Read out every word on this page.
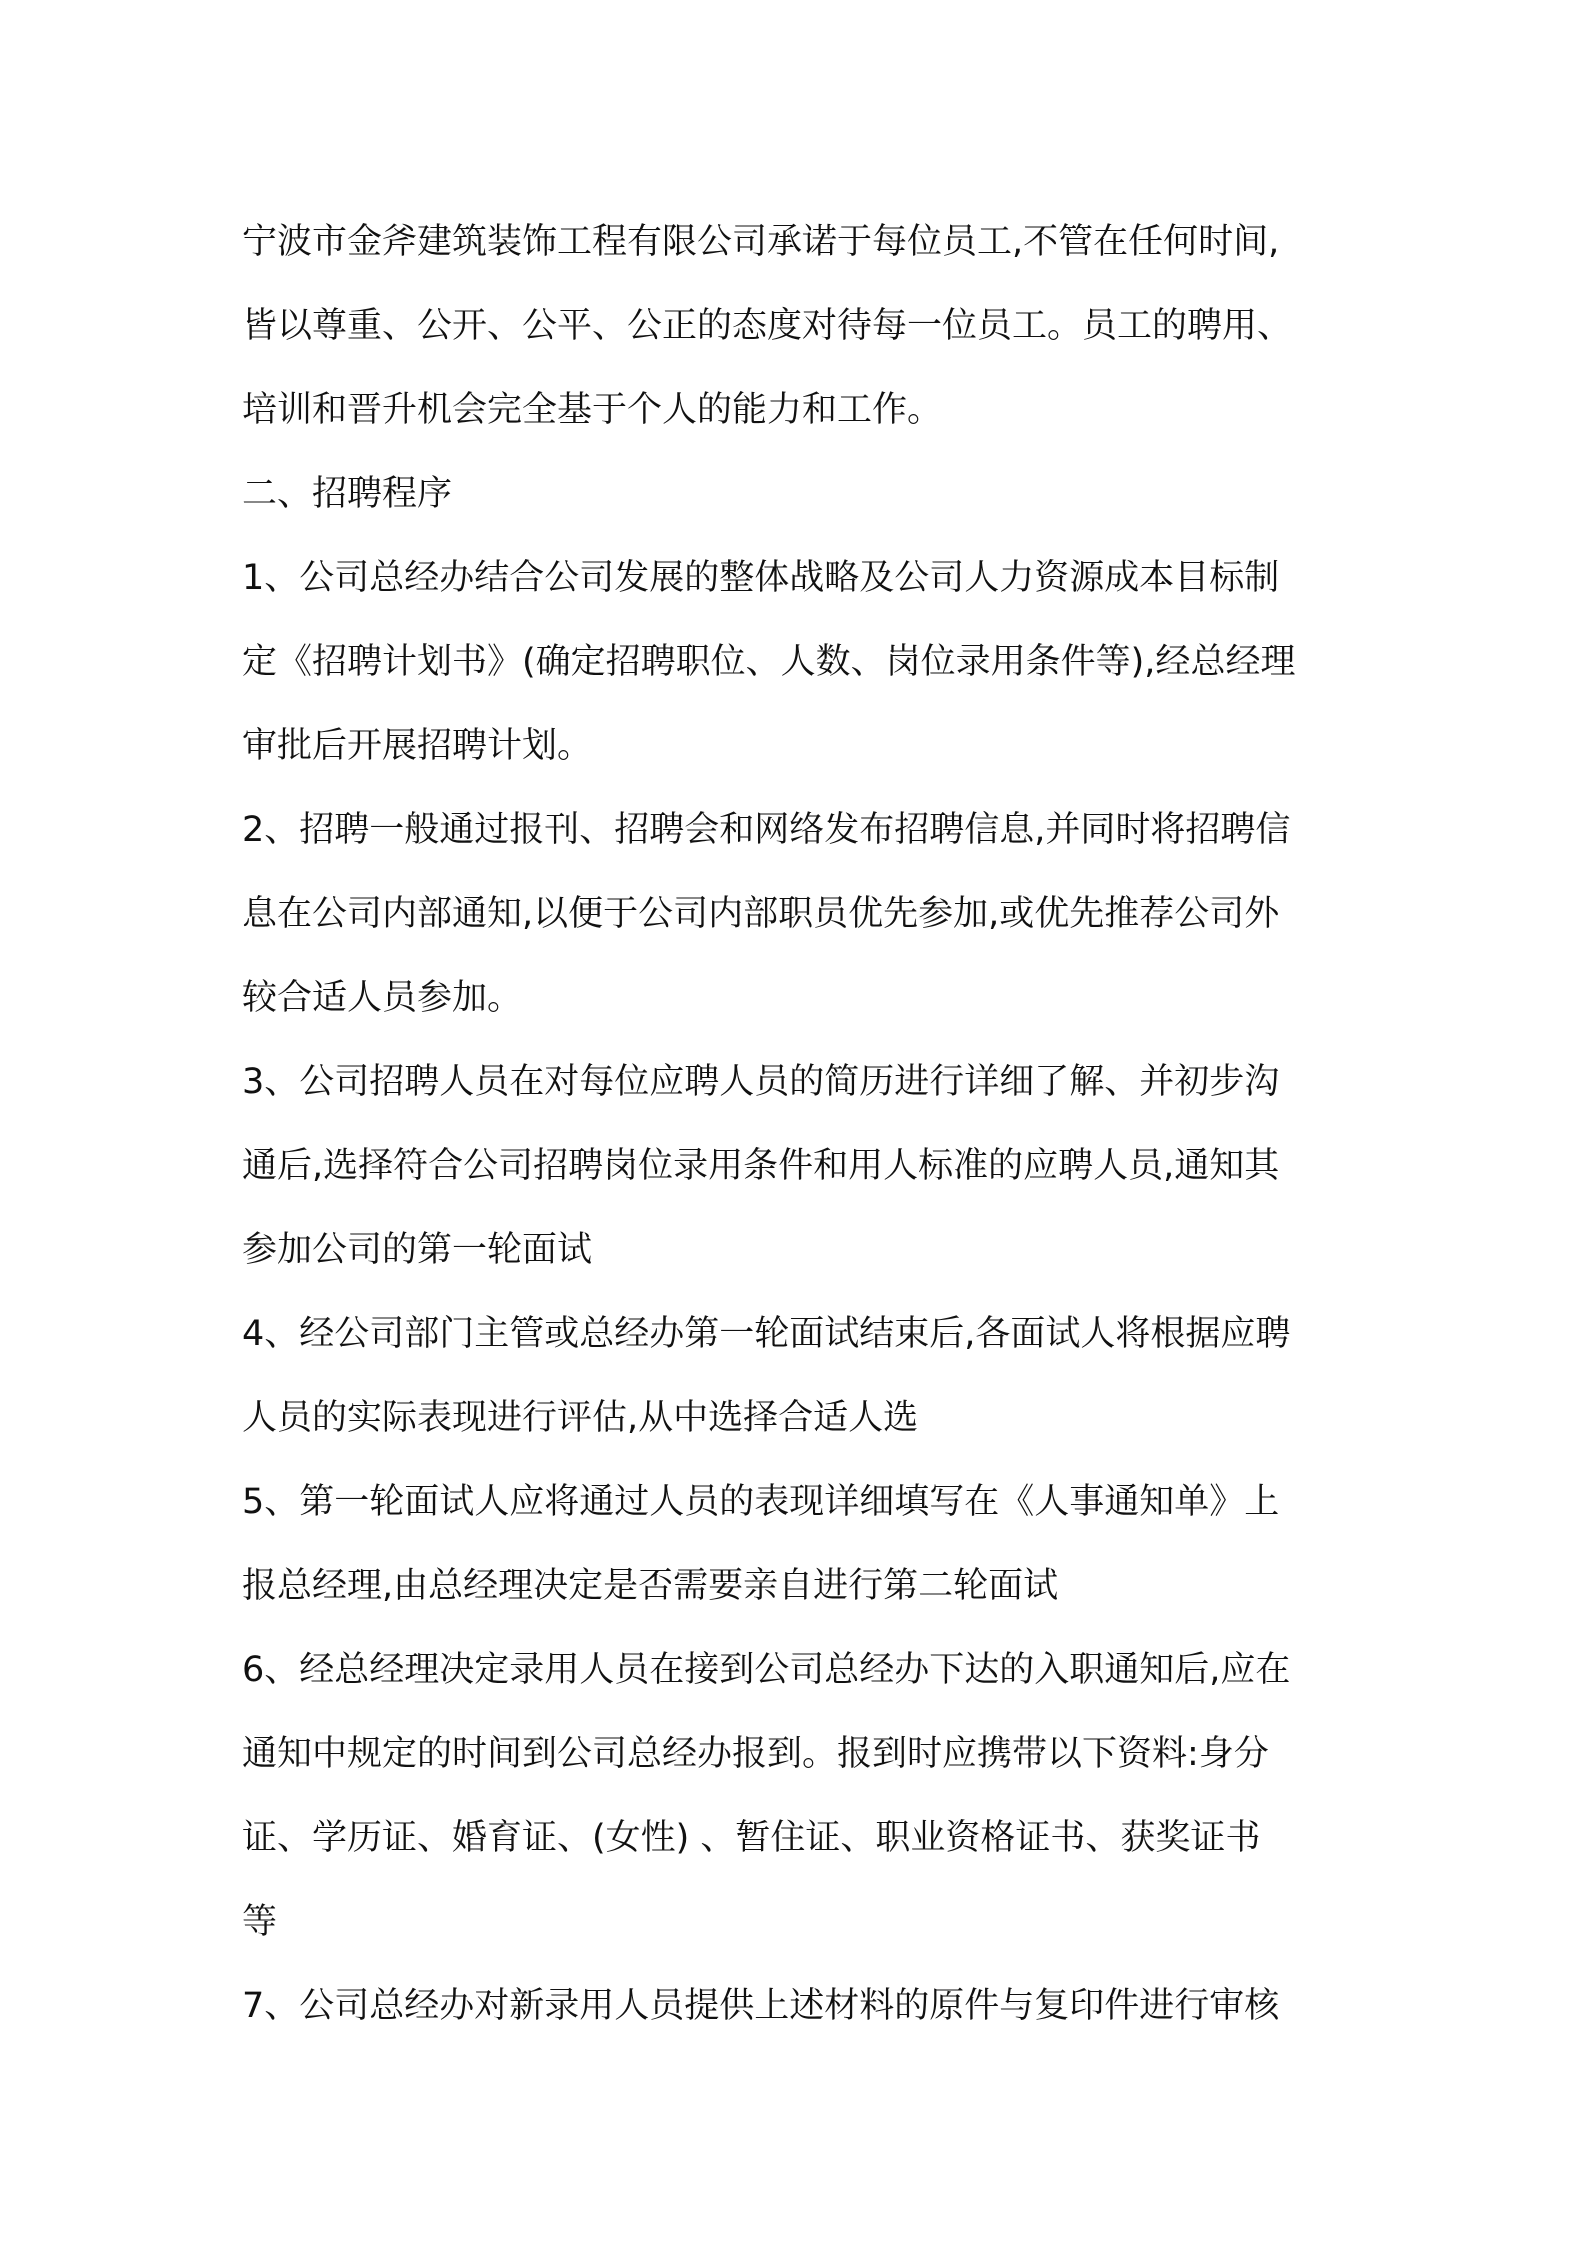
宁波市金斧建筑装饰工程有限公司承诺于每位员工,不管在任何时间,
皆以尊重、公开、公平、公正的态度对待每一位员工。员工的聘用、
培训和晋升机会完全基于个人的能力和工作。
二、招聘程序
1、公司总经办结合公司发展的整体战略及公司人力资源成本目标制
定《招聘计划书》(确定招聘职位、人数、岗位录用条件等),经总经理
审批后开展招聘计划。
2、招聘一般通过报刊、招聘会和网络发布招聘信息,并同时将招聘信
息在公司内部通知,以便于公司内部职员优先参加,或优先推荐公司外
较合适人员参加。
3、公司招聘人员在对每位应聘人员的简历进行详细了解、并初步沟
通后,选择符合公司招聘岗位录用条件和用人标准的应聘人员,通知其
参加公司的第一轮面试
4、经公司部门主管或总经办第一轮面试结束后,各面试人将根据应聘
人员的实际表现进行评估,从中选择合适人选
5、第一轮面试人应将通过人员的表现详细填写在《人事通知单》上
报总经理,由总经理决定是否需要亲自进行第二轮面试
6、经总经理决定录用人员在接到公司总经办下达的入职通知后,应在
通知中规定的时间到公司总经办报到。报到时应携带以下资料:身分
证、学历证、婚育证、(女性) 、暂住证、职业资格证书、获奖证书
等
7、公司总经办对新录用人员提供上述材料的原件与复印件进行审核
